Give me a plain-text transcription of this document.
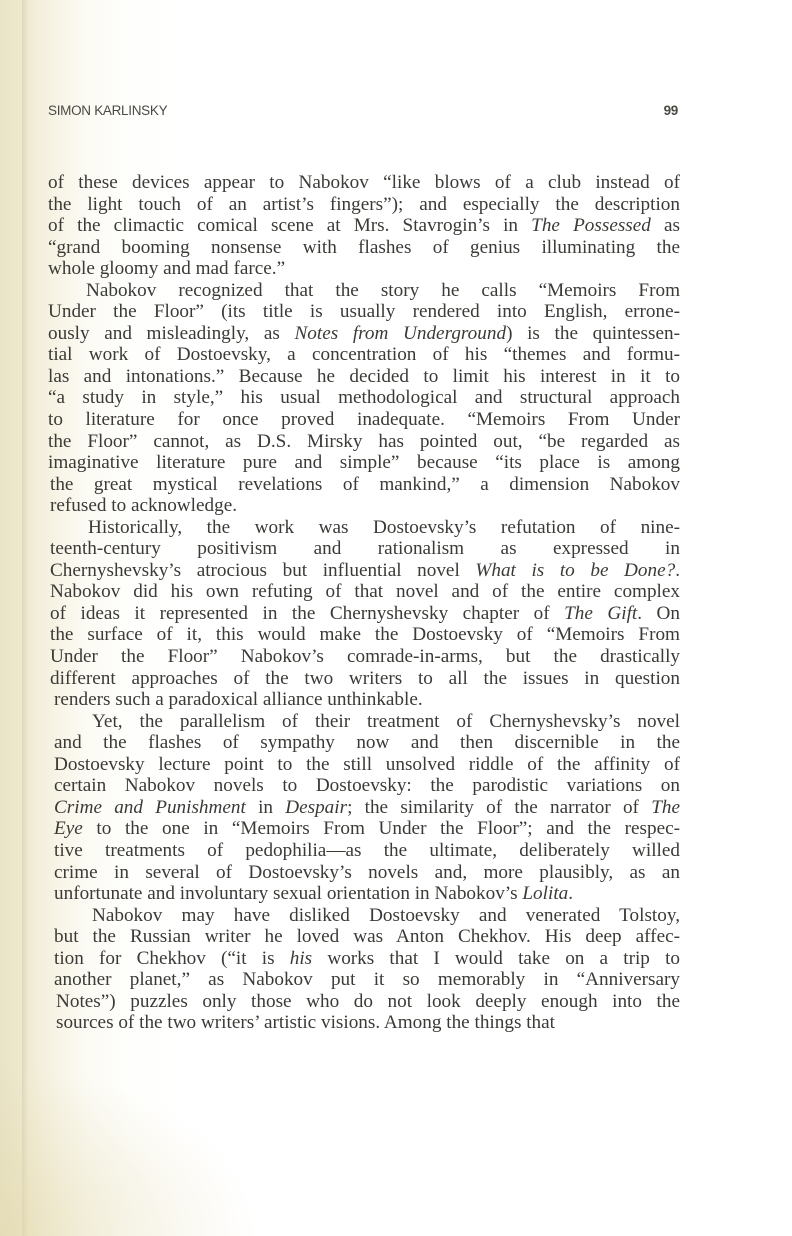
SIMON KARLINSKY	99

of these devices appear to Nabokov “like blows of a club instead of
the light touch of an artist’s fingers”); and especially the description
of the climactic comical scene at Mrs. Stavrogin’s in The Possessed as
“grand booming nonsense with flashes of genius illuminating the
whole gloomy and mad farce.”

Nabokov recognized that the story he calls “Memoirs From
Under the Floor” (its title is usually rendered into English, errone-
ously and misleadingly, as Notes from Underground) is the quintessen-
tial work of Dostoevsky, a concentration of his “themes and formu-
las and intonations.” Because he decided to limit his interest in it to
“a study in style,” his usual methodological and structural approach
to literature for once proved inadequate. “Memoirs From Under
the Floor” cannot, as D.S. Mirsky has pointed out, “be regarded as
imaginative literature pure and simple” because “its place is among
the great mystical revelations of mankind,” a dimension Nabokov
refused to acknowledge.

Historically, the work was Dostoevsky’s refutation of nine-
teenth-century positivism and rationalism as expressed in
Chernyshevsky’s atrocious but influential novel What is to be Done?.
Nabokov did his own refuting of that novel and of the entire complex
of ideas it represented in the Chernyshevsky chapter of The Gift. On
the surface of it, this would make the Dostoevsky of “Memoirs From
Under the Floor” Nabokov’s comrade-in-arms, but the drastically
different approaches of the two writers to all the issues in question
renders such a paradoxical alliance unthinkable.

Yet, the parallelism of their treatment of Chernyshevsky’s novel
and the flashes of sympathy now and then discernible in the
Dostoevsky lecture point to the still unsolved riddle of the affinity of
certain Nabokov novels to Dostoevsky: the parodistic variations on
Crime and Punishment in Despair; the similarity of the narrator of The
Eye to the one in “Memoirs From Under the Floor”; and the respec-
tive treatments of pedophilia—as the ultimate, deliberately willed
crime in several of Dostoevsky’s novels and, more plausibly, as an
unfortunate and involuntary sexual orientation in Nabokov’s Lolita.

Nabokov may have disliked Dostoevsky and venerated Tolstoy,
but the Russian writer he loved was Anton Chekhov. His deep affec-
tion for Chekhov (“it is his works that I would take on a trip to
another planet,” as Nabokov put it so memorably in “Anniversary
Notes”) puzzles only those who do not look deeply enough into the
sources of the two writers’ artistic visions. Among the things that
